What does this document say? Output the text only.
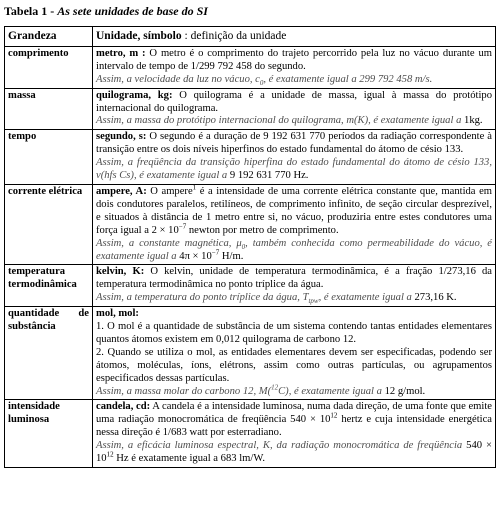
Tabela 1 - As sete unidades de base do SI
Grandeza	Unidade, símbolo : definição da unidade
comprimento	metro, m : O metro é o comprimento do trajeto percorrido pela luz no vácuo durante um intervalo de tempo de 1/299 792 458 do segundo.
Assim, a velocidade da luz no vácuo, $c_0$, é exatamente igual a 299 792 458 m/s.
massa	quilograma, kg: O quilograma é a unidade de massa, igual à massa do protótipo internacional do quilograma.
Assim, a massa do protótipo internacional do quilograma, m(K), é exatamente igual a 1kg.
tempo	segundo, s: O segundo é a duração de 9 192 631 770 períodos da radiação correspondente à transição entre os dois níveis hiperfinos do estado fundamental do átomo de césio 133.
Assim, a freqüência da transição hiperfina do estado fundamental do átomo de césio 133, ν(hfs Cs), é exatamente igual a 9 192 631 770 Hz.
corrente elétrica	ampere, A: O ampere$^1$ é a intensidade de uma corrente elétrica constante que, mantida em dois condutores paralelos, retilíneos, de comprimento infinito, de seção circular desprezível, e situados à distância de 1 metro entre si, no vácuo, produziria entre estes condutores uma força igual a $2 \times 10^{-7}$ newton por metro de comprimento.
Assim, a constante magnética, $\mu_0$, também conhecida como permeabilidade do vácuo, é exatamente igual a $4\pi \times 10^{-7}$ H/m.
temperatura termodinâmica	kelvin, K: O kelvin, unidade de temperatura termodinâmica, é a fração 1/273,16 da temperatura termodinâmica no ponto tríplice da água.
Assim, a temperatura do ponto tríplice da água, $T_{tpw}$, é exatamente igual a 273,16 K.
quantidade de substância	mol, mol:
1. O mol é a quantidade de substância de um sistema contendo tantas entidades elementares quantos átomos existem em 0,012 quilograma de carbono 12.
2. Quando se utiliza o mol, as entidades elementares devem ser especificadas, podendo ser átomos, moléculas, íons, elétrons, assim como outras partículas, ou agrupamentos especificados dessas partículas.
Assim, a massa molar do carbono 12, M($^{12}$C), é exatamente igual a 12 g/mol.
intensidade luminosa	candela, cd: A candela é a intensidade luminosa, numa dada direção, de uma fonte que emite uma radiação monocromática de freqüência $540 \times 10^{12}$ hertz e cuja intensidade energética nessa direção é 1/683 watt por esterradiano.
Assim, a eficácia luminosa espectral, K, da radiação monocromática de freqüência $540 \times 10^{12}$ Hz é exatamente igual a 683 lm/W.
